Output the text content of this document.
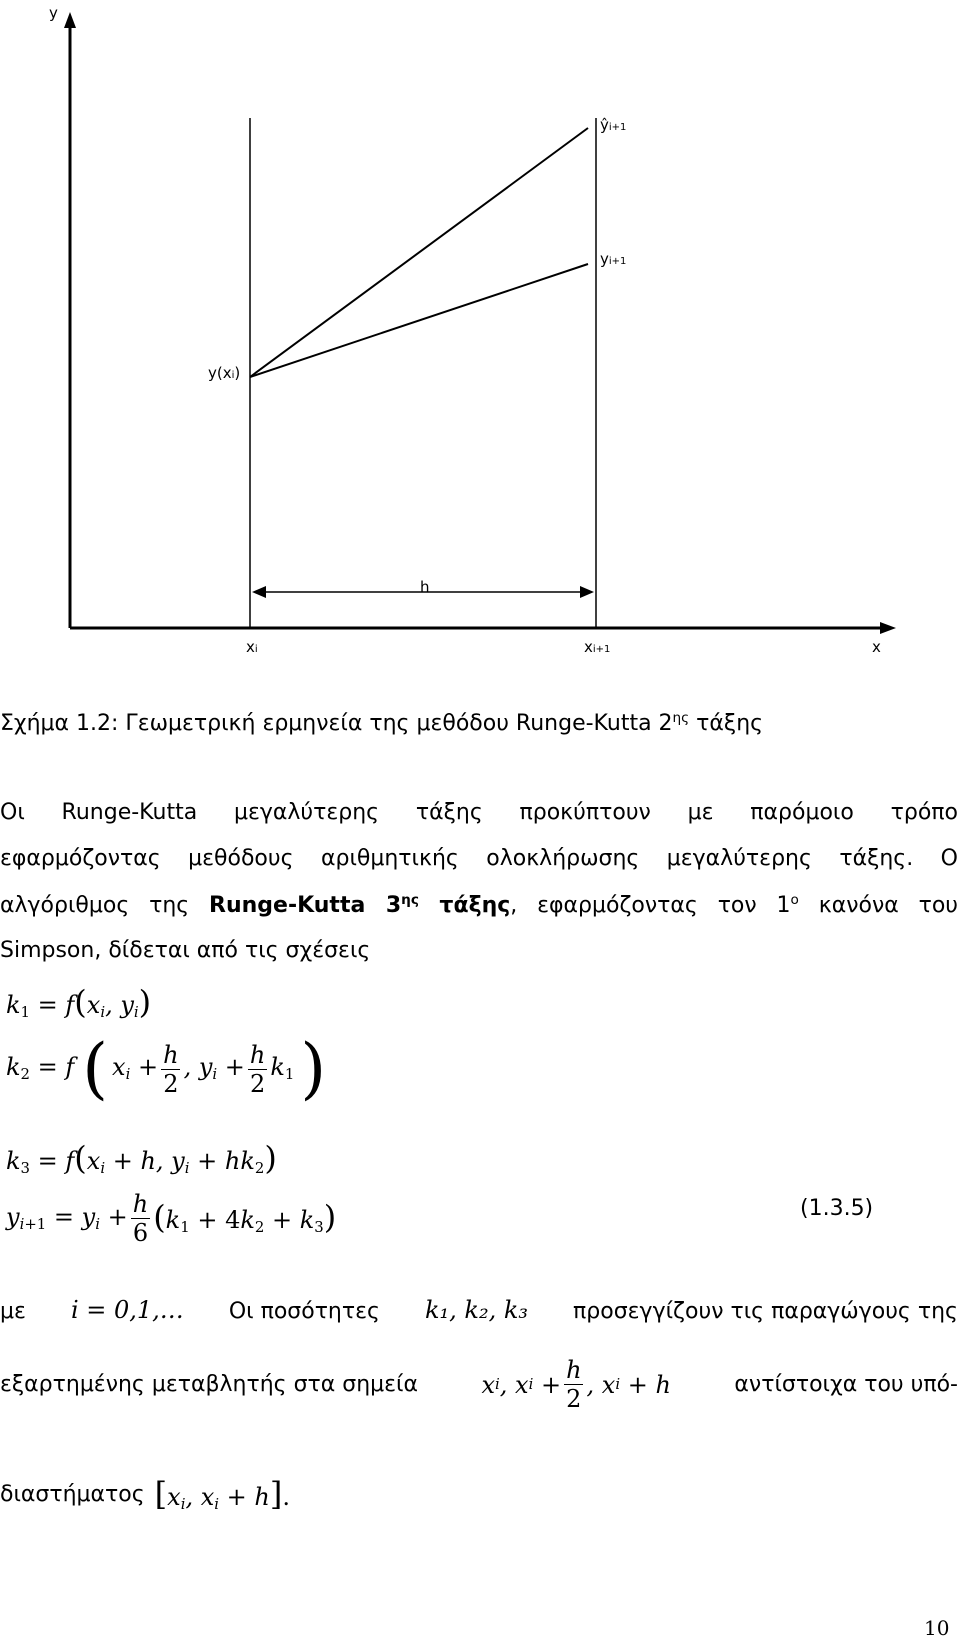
y
y(xi)
ŷi+1
yi+1
h
xi	xi+1	x
Σχήμα 1.2: Γεωμετρική ερμηνεία της μεθόδου Runge-Kutta $2^{\eta\varsigma}$ τάξης
Οι Runge-Kutta μεγαλύτερης τάξης προκύπτουν με παρόμοιο τρόπο
εφαρμόζοντας μεθόδους αριθμητικής ολοκλήρωσης μεγαλύτερης τάξης. Ο
αλγόριθμος της Runge-Kutta $3^{\eta\varsigma}$ τάξης, εφαρμόζοντας τον $1^o$ κανόνα του
Simpson, δίδεται από τις σχέσεις
$k_1 = f(x_i$, $y_i$)
$k_2 = f$ ( $x_i + \frac{h}{2}$ , $y_i + \frac{h}{2} k_1$ )
$k_3 = f(x_i + h$, $y_i + hk_2$)
$y_{i+1} = y_i + \frac{h}{6} (k_1 + 4k_2 + k_3)$	(1.3.5)
με i = 0,1,… Οι ποσότητες k₁, k₂, k₃ προσεγγίζουν τις παραγώγους της
εξαρτημένης μεταβλητής στα σημεία	x i , x i
+ $\frac{h}{2}$ , x i
+ h	αντίστοιχα του υπό-
διαστήματος [$x_i$, $x_i + h$].
10
